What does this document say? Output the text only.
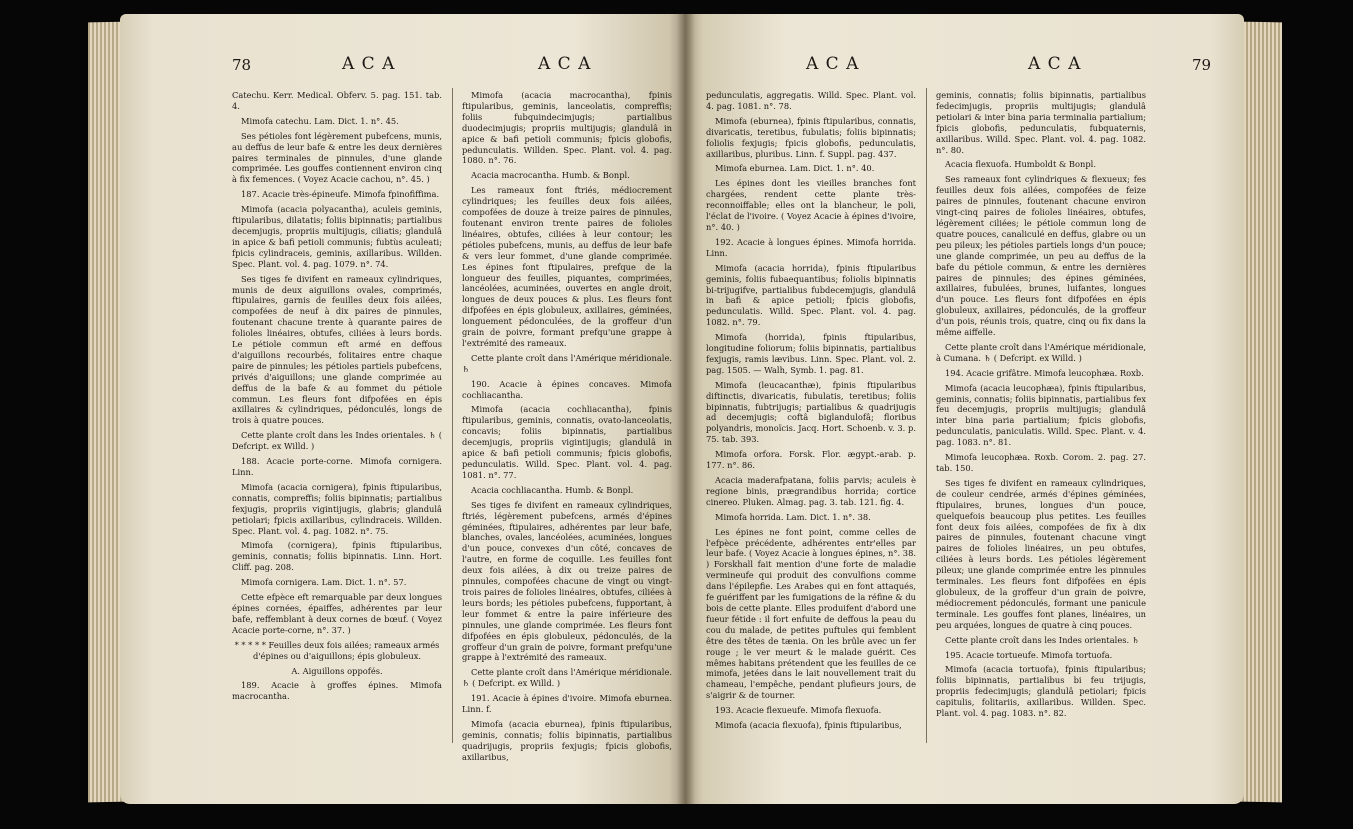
78	A C A	A C A

Catechu. Kerr. Medical. Obferv. 5. pag. 151. tab. 4.

Mimofa catechu. Lam. Dict. 1. n°. 45.

Ses pétioles font légèrement pubefcens, munis, au deffus de leur bafe & entre les deux dernières paires terminales de pinnules, d'une glande comprimée. Les gouffes contiennent environ cinq à fix femences. ( Voyez Acacie cachou, n°. 45. )

187. Acacie très-épineufe. Mimofa fpinofiffima.

Mimofa (acacia polyacantha), aculeis geminis, ftipularibus, dilatatis; foliis bipinnatis; partialibus decemjugis, propriis multijugis, ciliatis; glandulâ in apice & bafi petioli communis; fubtùs aculeati; fpicis cylindraceis, geminis, axillaribus. Willden. Spec. Plant. vol. 4. pag. 1079. n°. 74.

Ses tiges fe divifent en rameaux cylindriques, munis de deux aiguillons ovales, comprimés, ftipulaires, garnis de feuilles deux fois ailées, compofées de neuf à dix paires de pinnules, foutenant chacune trente à quarante paires de folioles linéaires, obtufes, ciliées à leurs bords. Le pétiole commun eft armé en deffous d'aiguillons recourbés, folitaires entre chaque paire de pinnules; les pétioles partiels pubefcens, privés d'aiguillons; une glande comprimée au deffus de la bafe & au fommet du pétiole commun. Les fleurs font difpofées en épis axillaires & cylindriques, pédonculés, longs de trois à quatre pouces.

Cette plante croît dans les Indes orientales. ♄ ( Defcript. ex Willd. )

188. Acacie porte-corne. Mimofa cornigera. Linn.

Mimofa (acacia cornigera), fpinis ftipularibus, connatis, compreffis; foliis bipinnatis; partialibus fexjugis, propriis vigintijugis, glabris; glandulâ petiolari; fpicis axillaribus, cylindraceis. Willden. Spec. Plant. vol. 4. pag. 1082. n°. 75.

Mimofa (cornigera), fpinis ftipularibus, geminis, connatis; foliis bipinnatis. Linn. Hort. Cliff. pag. 208.

Mimofa cornigera. Lam. Dict. 1. n°. 57.

Cette efpèce eft remarquable par deux longues épines cornées, épaiffes, adhérentes par leur bafe, reffemblant à deux cornes de bœuf. ( Voyez Acacie porte-corne, n°. 37. )

* * * * * Feuilles deux fois ailées; rameaux armés d'épines ou d'aiguillons; épis globuleux.

A. Aiguillons oppofés.

189. Acacie à groffes épines. Mimofa macrocantha.

Mimofa (acacia macrocantha), fpinis ftipularibus, geminis, lanceolatis, compreffis; foliis fubquindecimjugis; partialibus duodecimjugis; propriis multijugis; glandulâ in apice & bafi petioli communis; fpicis globofis, pedunculatis. Willden. Spec. Plant. vol. 4. pag. 1080. n°. 76.

Acacia macrocantha. Humb. & Bonpl.

Les rameaux font ftriés, médiocrement cylindriques; les feuilles deux fois ailées, compofées de douze à treize paires de pinnules, foutenant environ trente paires de folioles linéaires, obtufes, ciliées à leur contour; les pétioles pubefcens, munis, au deffus de leur bafe & vers leur fommet, d'une glande comprimée. Les épines font ftipulaires, prefque de la longueur des feuilles, piquantes, comprimées, lancéolées, acuminées, ouvertes en angle droit, longues de deux pouces & plus. Les fleurs font difpofées en épis globuleux, axillaires, géminées, longuement pédonculées, de la groffeur d'un grain de poivre, formant prefqu'une grappe à l'extrémité des rameaux.

Cette plante croît dans l'Amérique méridionale. ♄

190. Acacie à épines concaves. Mimofa cochliacantha.

Mimofa (acacia cochliacantha), fpinis ftipularibus, geminis, connatis, ovato-lanceolatis, concavis; foliis bipinnatis, partialibus decemjugis, propriis vigintijugis; glandulâ in apice & bafi petioli communis; fpicis globofis, pedunculatis. Willd. Spec. Plant. vol. 4. pag. 1081. n°. 77.

Acacia cochliacantha. Humb. & Bonpl.

Ses tiges fe divifent en rameaux cylindriques, ftriés, légèrement pubefcens, armés d'épines géminées, ftipulaires, adhérentes par leur bafe, blanches, ovales, lancéolées, acuminées, longues d'un pouce, convexes d'un côté, concaves de l'autre, en forme de coquille. Les feuilles font deux fois ailées, à dix ou treize paires de pinnules, compofées chacune de vingt ou vingt-trois paires de folioles linéaires, obtufes, ciliées à leurs bords; les pétioles pubefcens, fupportant, à leur fommet & entre la paire inférieure des pinnules, une glande comprimée. Les fleurs font difpofées en épis globuleux, pédonculés, de la groffeur d'un grain de poivre, formant prefqu'une grappe à l'extrémité des rameaux.

Cette plante croît dans l'Amérique méridionale. ♄ ( Defcript. ex Willd. )

191. Acacie à épines d'ivoire. Mimofa eburnea. Linn. f.

Mimofa (acacia eburnea), fpinis ftipularibus, geminis, connatis; foliis bipinnatis, partialibus quadrijugis, propriis fexjugis; fpicis globofis, axillaribus,

A C A	A C A	79

pedunculatis, aggregatis. Willd. Spec. Plant. vol. 4. pag. 1081. n°. 78.

Mimofa (eburnea), fpinis ftipularibus, connatis, divaricatis, teretibus, fubulatis; foliis bipinnatis; foliolis fexjugis; fpicis globofis, pedunculatis, axillaribus, pluribus. Linn. f. Suppl. pag. 437.

Mimofa eburnea. Lam. Dict. 1. n°. 40.

Les épines dont les vieilles branches font chargées, rendent cette plante très-reconnoiffable; elles ont la blancheur, le poli, l'éclat de l'ivoire. ( Voyez Acacie à épines d'ivoire, n°. 40. )

192. Acacie à longues épines. Mimofa horrida. Linn.

Mimofa (acacia horrida), fpinis ftipularibus geminis, foliis fubaequantibus; foliolis bipinnatis bi-trijugifve, partialibus fubdecemjugis, glandulâ in bafi & apice petioli; fpicis globofis, pedunculatis. Willd. Spec. Plant. vol. 4. pag. 1082. n°. 79.

Mimofa (horrida), fpinis ftipularibus, longitudine foliorum; foliis bipinnatis, partialibus fexjugis, ramis lævibus. Linn. Spec. Plant. vol. 2. pag. 1505. — Walh, Symb. 1. pag. 81.

Mimofa (leucacanthæ), fpinis ftipularibus diftinctis, divaricatis, fubulatis, teretibus; foliis bipinnatis, fubtrijugis; partialibus & quadrijugis ad decemjugis; coftâ biglandulofâ; floribus polyandris, monoïcis. Jacq. Hort. Schoenb. v. 3. p. 75. tab. 393.

Mimofa orfora. Forsk. Flor. ægypt.-arab. p. 177. n°. 86.

Acacia maderafpatana, foliis parvis; aculeis è regione binis, prægrandibus horrida; cortice cinereo. Pluken. Almag. pag. 3. tab. 121. fig. 4.

Mimofa horrida. Lam. Dict. 1. n°. 38.

Les épines ne font point, comme celles de l'efpèce précédente, adhérentes entr'elles par leur bafe. ( Voyez Acacie à longues épines, n°. 38. ) Forskhall fait mention d'une forte de maladie vermineufe qui produit des convulfions comme dans l'épilepfie. Les Arabes qui en font attaqués, fe guériffent par les fumigations de la réfine & du bois de cette plante. Elles produifent d'abord une fueur fétide : il fort enfuite de deffous la peau du cou du malade, de petites puftules qui femblent être des têtes de tænia. On les brûle avec un fer rouge ; le ver meurt & le malade guérit. Ces mêmes habitans prétendent que les feuilles de ce mimofa, jetées dans le lait nouvellement trait du chameau, l'empêche, pendant plufieurs jours, de s'aigrir & de tourner.

193. Acacie flexueufe. Mimofa flexuofa.

Mimofa (acacia flexuofa), fpinis ftipularibus,

geminis, connatis; foliis bipinnatis, partialibus fedecimjugis, propriis multijugis; glandulâ petiolari & inter bina paria terminalia partialium; fpicis globofis, pedunculatis, fubquaternis, axillaribus. Willd. Spec. Plant. vol. 4. pag. 1082. n°. 80.

Acacia flexuofa. Humboldt & Bonpl.

Ses rameaux font cylindriques & flexueux; fes feuilles deux fois ailées, compofées de feize paires de pinnules, foutenant chacune environ vingt-cinq paires de folioles linéaires, obtufes, légèrement ciliées; le pétiole commun long de quatre pouces, canaliculé en deffus, glabre ou un peu pileux; les pétioles partiels longs d'un pouce; une glande comprimée, un peu au deffus de la bafe du pétiole commun, & entre les dernières paires de pinnules; des épines géminées, axillaires, fubulées, brunes, luifantes, longues d'un pouce. Les fleurs font difpofées en épis globuleux, axillaires, pédonculés, de la groffeur d'un pois, réunis trois, quatre, cinq ou fix dans la même aiffelle.

Cette plante croît dans l'Amérique méridionale, à Cumana. ♄ ( Defcript. ex Willd. )

194. Acacie grifâtre. Mimofa leucophæa. Roxb.

Mimofa (acacia leucophæa), fpinis ftipularibus, geminis, connatis; foliis bipinnatis, partialibus fex feu decemjugis, propriis multijugis; glandulâ inter bina paria partialium; fpicis globofis, pedunculatis, paniculatis. Willd. Spec. Plant. v. 4. pag. 1083. n°. 81.

Mimofa leucophæa. Roxb. Corom. 2. pag. 27. tab. 150.

Ses tiges fe divifent en rameaux cylindriques, de couleur cendrée, armés d'épines géminées, ftipulaires, brunes, longues d'un pouce, quelquefois beaucoup plus petites. Les feuilles font deux fois ailées, compofées de fix à dix paires de pinnules, foutenant chacune vingt paires de folioles linéaires, un peu obtufes, ciliées à leurs bords. Les pétioles légèrement pileux; une glande comprimée entre les pinnules terminales. Les fleurs font difpofées en épis globuleux, de la groffeur d'un grain de poivre, médiocrement pédonculés, formant une panicule terminale. Les gouffes font planes, linéaires, un peu arquées, longues de quatre à cinq pouces.

Cette plante croît dans les Indes orientales. ♄

195. Acacie tortueufe. Mimofa tortuofa.

Mimofa (acacia tortuofa), fpinis ftipularibus; foliis bipinnatis, partialibus bi feu trijugis, propriis fedecimjugis; glandulâ petiolari; fpicis capitulis, folitariis, axillaribus. Willden. Spec. Plant. vol. 4. pag. 1083. n°. 82.
